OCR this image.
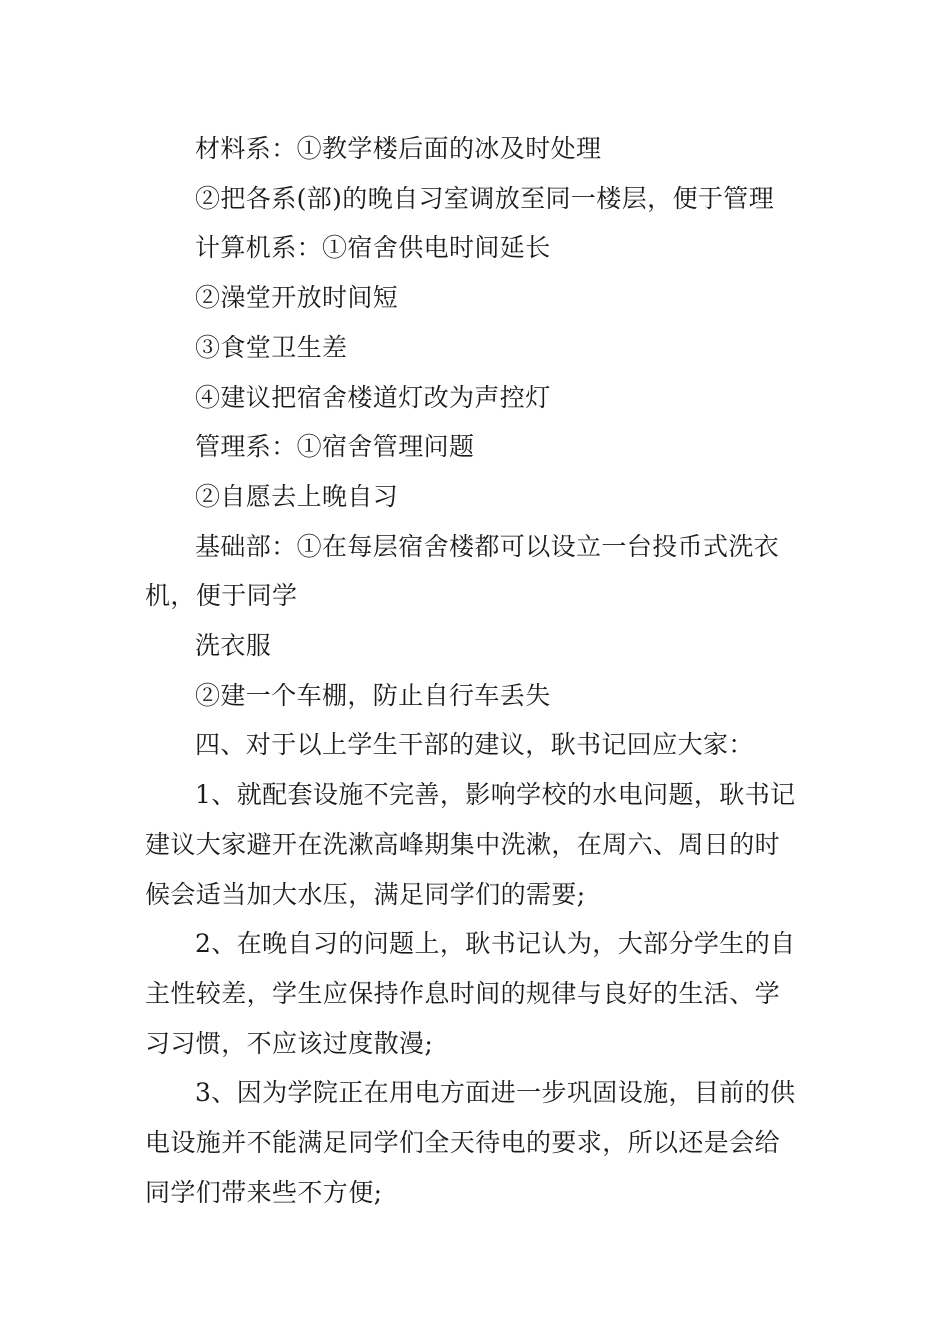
材料系：①教学楼后面的冰及时处理

②把各系(部)的晚自习室调放至同一楼层，便于管理

计算机系：①宿舍供电时间延长

②澡堂开放时间短

③食堂卫生差

④建议把宿舍楼道灯改为声控灯

管理系：①宿舍管理问题

②自愿去上晚自习

基础部：①在每层宿舍楼都可以设立一台投币式洗衣

机，便于同学

洗衣服

②建一个车棚，防止自行车丢失

四、对于以上学生干部的建议，耿书记回应大家：

1、就配套设施不完善，影响学校的水电问题，耿书记

建议大家避开在洗漱高峰期集中洗漱，在周六、周日的时

候会适当加大水压，满足同学们的需要;

2、在晚自习的问题上，耿书记认为，大部分学生的自

主性较差，学生应保持作息时间的规律与良好的生活、学

习习惯，不应该过度散漫;

3、因为学院正在用电方面进一步巩固设施，目前的供

电设施并不能满足同学们全天待电的要求，所以还是会给

同学们带来些不方便;
